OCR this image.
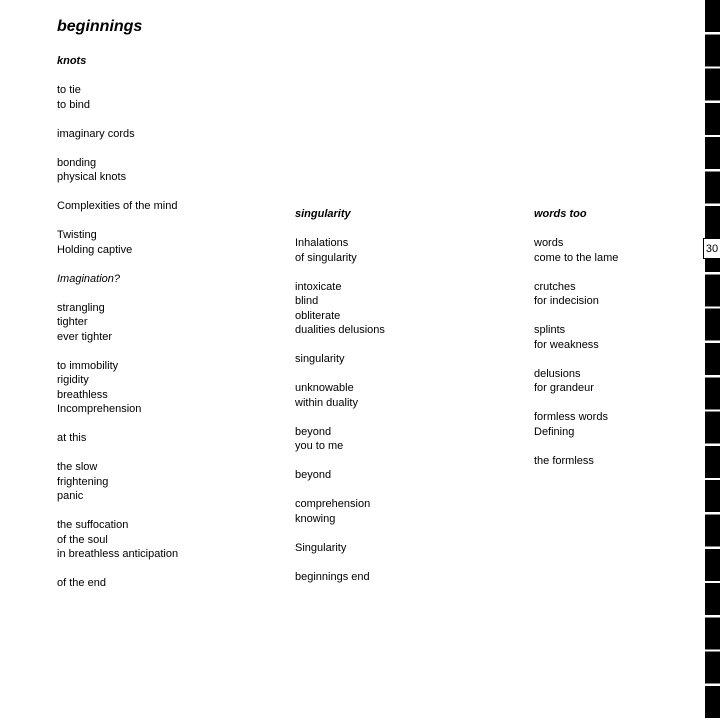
beginnings

knots

to tie

to bind

imaginary cords

bonding

physical knots

Complexities of the mind

Twisting

Holding captive

Imagination?

strangling

tighter

ever tighter

to immobility

rigidity

breathless

Incomprehension

at this

the slow

frightening

panic

the suffocation

of the soul

in breathless anticipation

of the end

singularity

Inhalations

of singularity

intoxicate

blind

obliterate

dualities delusions

singularity

unknowable

within duality

beyond

you to me

beyond

comprehension

knowing

Singularity

beginnings end

words too

words

come to the lame

crutches

for indecision

splints

for weakness

delusions

for grandeur

formless words

Defining

the formless

30
